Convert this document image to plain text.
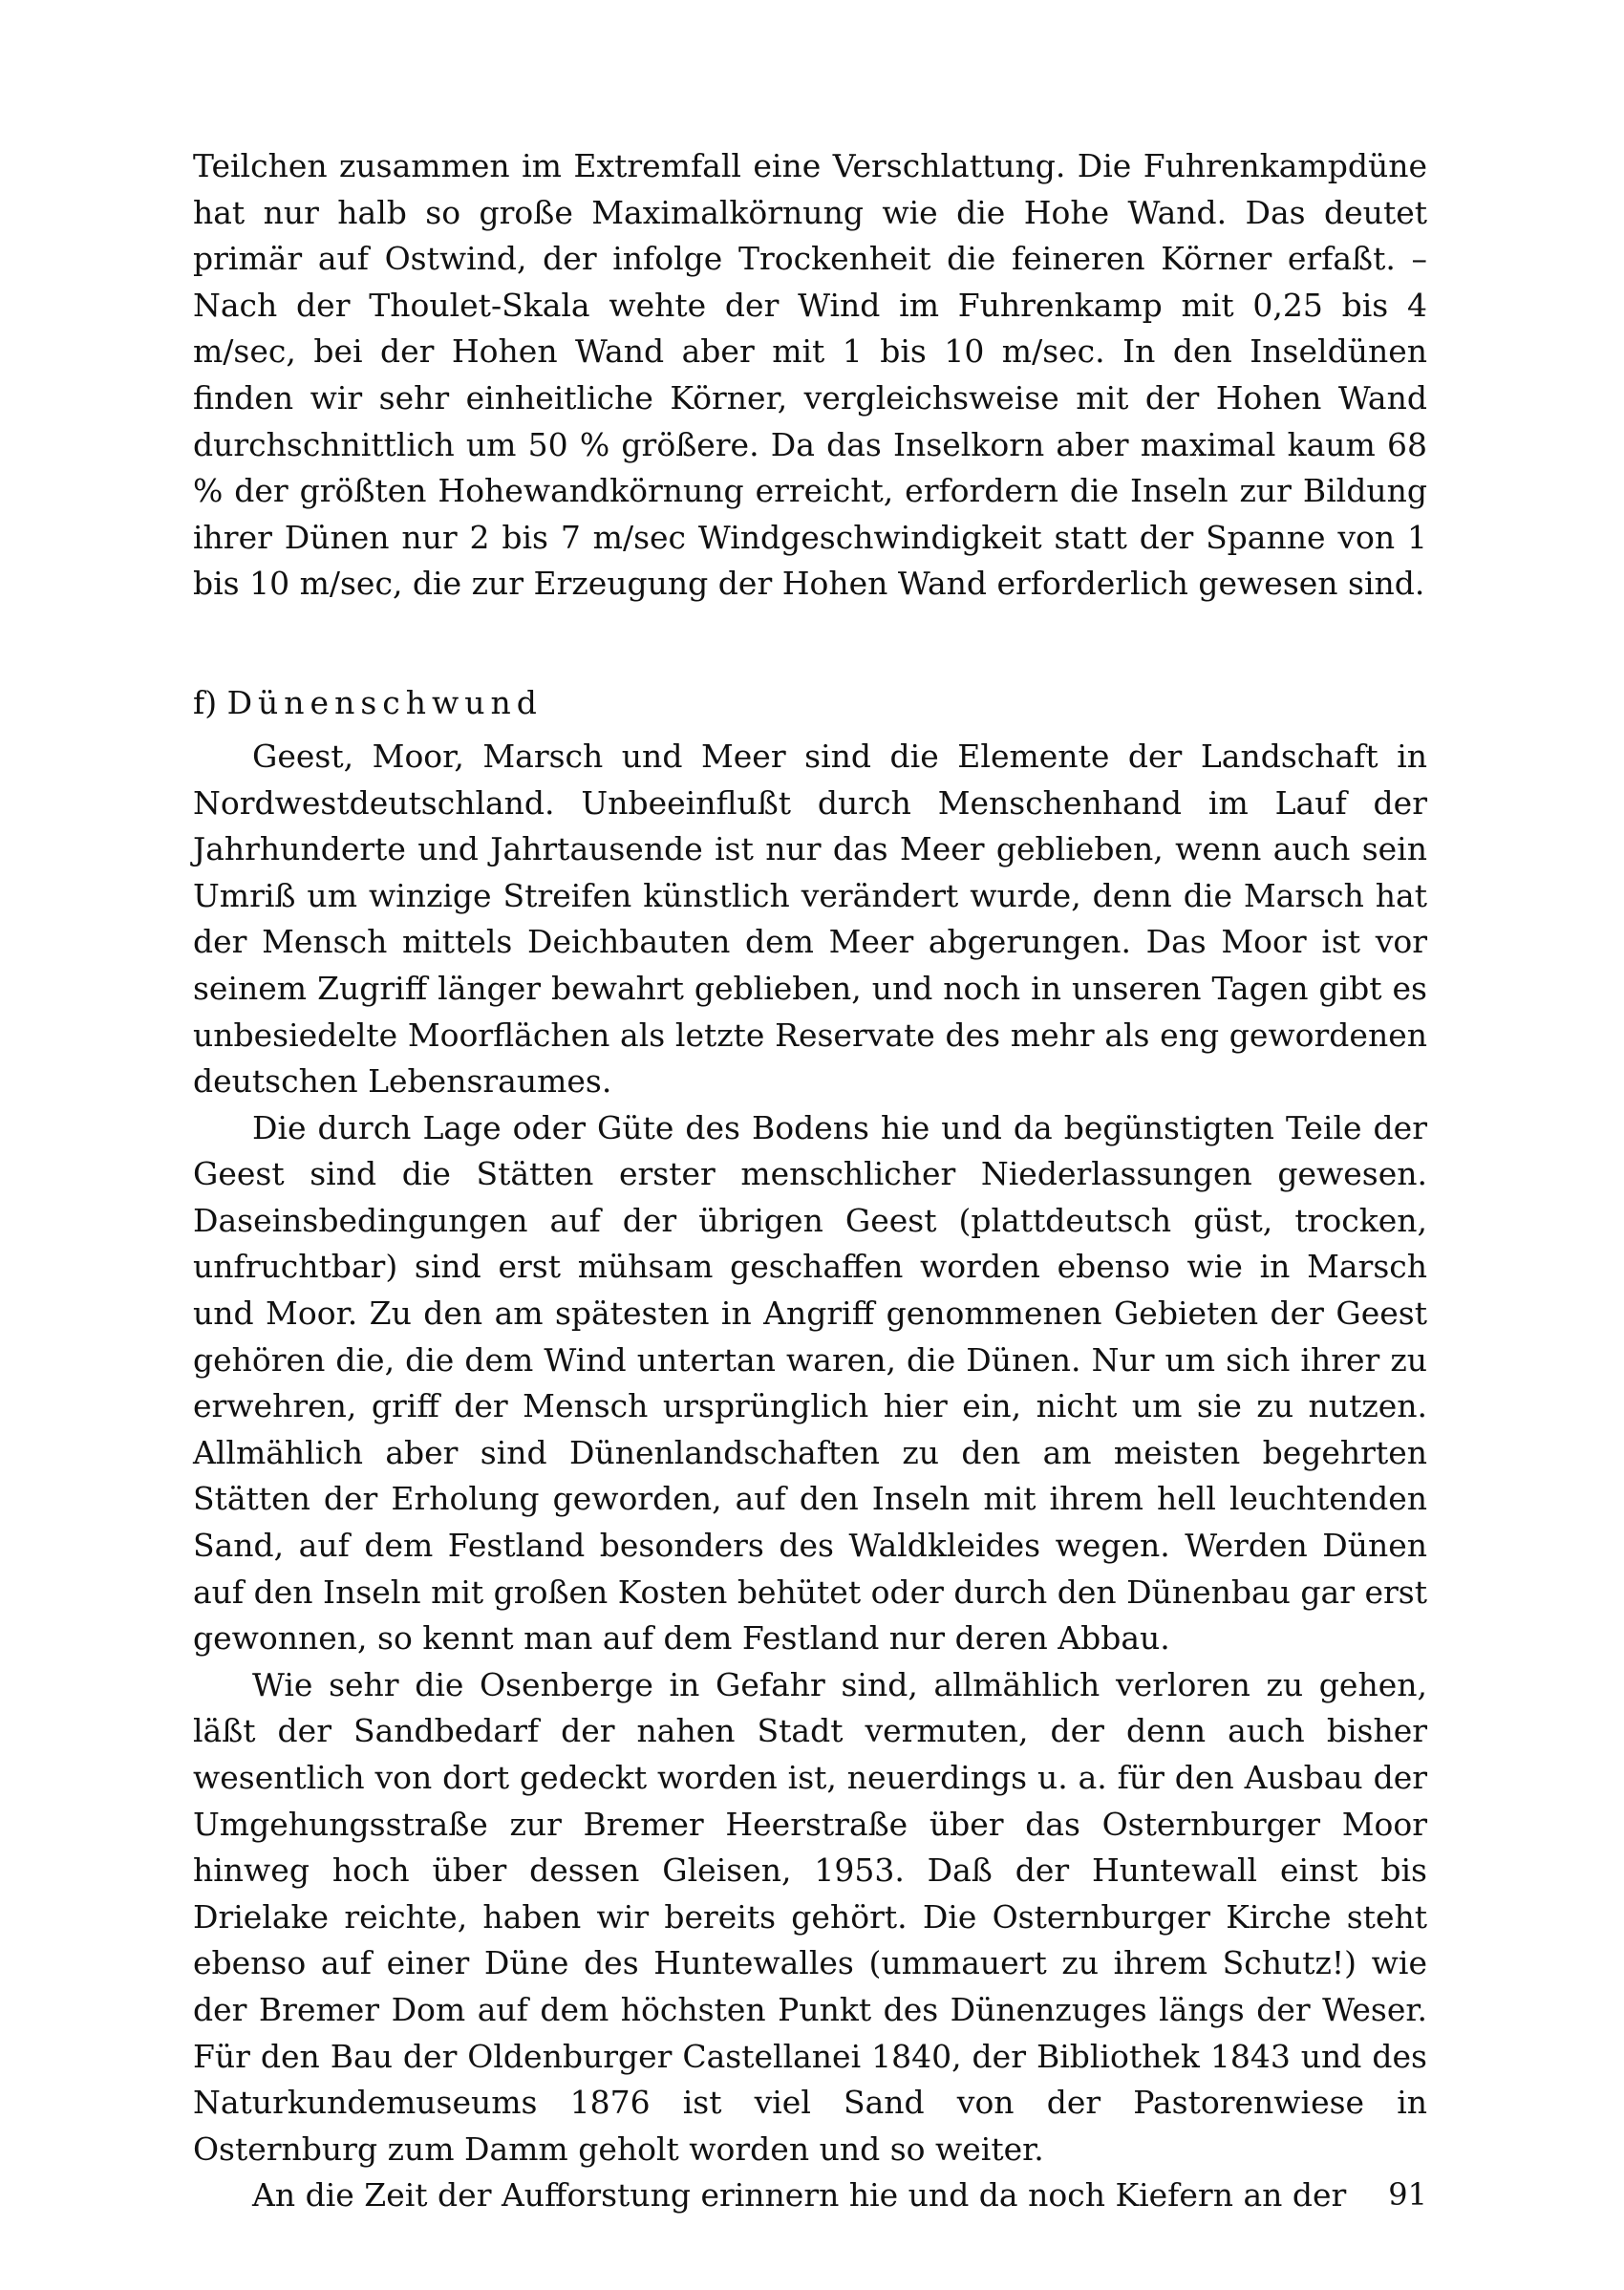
Teilchen zusammen im Extremfall eine Verschlattung. Die Fuhrenkampdüne hat nur halb so große Maximalkörnung wie die Hohe Wand. Das deutet primär auf Ostwind, der infolge Trockenheit die feineren Körner erfaßt. – Nach der Thoulet-Skala wehte der Wind im Fuhrenkamp mit 0,25 bis 4 m/sec, bei der Hohen Wand aber mit 1 bis 10 m/sec. In den Inseldünen finden wir sehr einheitliche Körner, vergleichsweise mit der Hohen Wand durchschnittlich um 50 % größere. Da das Inselkorn aber maximal kaum 68 % der größten Hohewandkörnung erreicht, erfordern die Inseln zur Bildung ihrer Dünen nur 2 bis 7 m/sec Windgeschwindigkeit statt der Spanne von 1 bis 10 m/sec, die zur Erzeugung der Hohen Wand erforderlich gewesen sind.

f) Dünenschwund

Geest, Moor, Marsch und Meer sind die Elemente der Landschaft in Nordwestdeutschland. Unbeeinflußt durch Menschenhand im Lauf der Jahrhunderte und Jahrtausende ist nur das Meer geblieben, wenn auch sein Umriß um winzige Streifen künstlich verändert wurde, denn die Marsch hat der Mensch mittels Deichbauten dem Meer abgerungen. Das Moor ist vor seinem Zugriff länger bewahrt geblieben, und noch in unseren Tagen gibt es unbesiedelte Moorflächen als letzte Reservate des mehr als eng gewordenen deutschen Lebensraumes.

Die durch Lage oder Güte des Bodens hie und da begünstigten Teile der Geest sind die Stätten erster menschlicher Niederlassungen gewesen. Daseinsbedingungen auf der übrigen Geest (plattdeutsch güst, trocken, unfruchtbar) sind erst mühsam geschaffen worden ebenso wie in Marsch und Moor. Zu den am spätesten in Angriff genommenen Gebieten der Geest gehören die, die dem Wind untertan waren, die Dünen. Nur um sich ihrer zu erwehren, griff der Mensch ursprünglich hier ein, nicht um sie zu nutzen. Allmählich aber sind Dünenlandschaften zu den am meisten begehrten Stätten der Erholung geworden, auf den Inseln mit ihrem hell leuchtenden Sand, auf dem Festland besonders des Waldkleides wegen. Werden Dünen auf den Inseln mit großen Kosten behütet oder durch den Dünenbau gar erst gewonnen, so kennt man auf dem Festland nur deren Abbau.

Wie sehr die Osenberge in Gefahr sind, allmählich verloren zu gehen, läßt der Sandbedarf der nahen Stadt vermuten, der denn auch bisher wesentlich von dort gedeckt worden ist, neuerdings u. a. für den Ausbau der Umgehungsstraße zur Bremer Heerstraße über das Osternburger Moor hinweg hoch über dessen Gleisen, 1953. Daß der Huntewall einst bis Drielake reichte, haben wir bereits gehört. Die Osternburger Kirche steht ebenso auf einer Düne des Huntewalles (ummauert zu ihrem Schutz!) wie der Bremer Dom auf dem höchsten Punkt des Dünenzuges längs der Weser. Für den Bau der Oldenburger Castellanei 1840, der Bibliothek 1843 und des Naturkundemuseums 1876 ist viel Sand von der Pastorenwiese in Osternburg zum Damm geholt worden und so weiter.

An die Zeit der Aufforstung erinnern hie und da noch Kiefern an der	91
